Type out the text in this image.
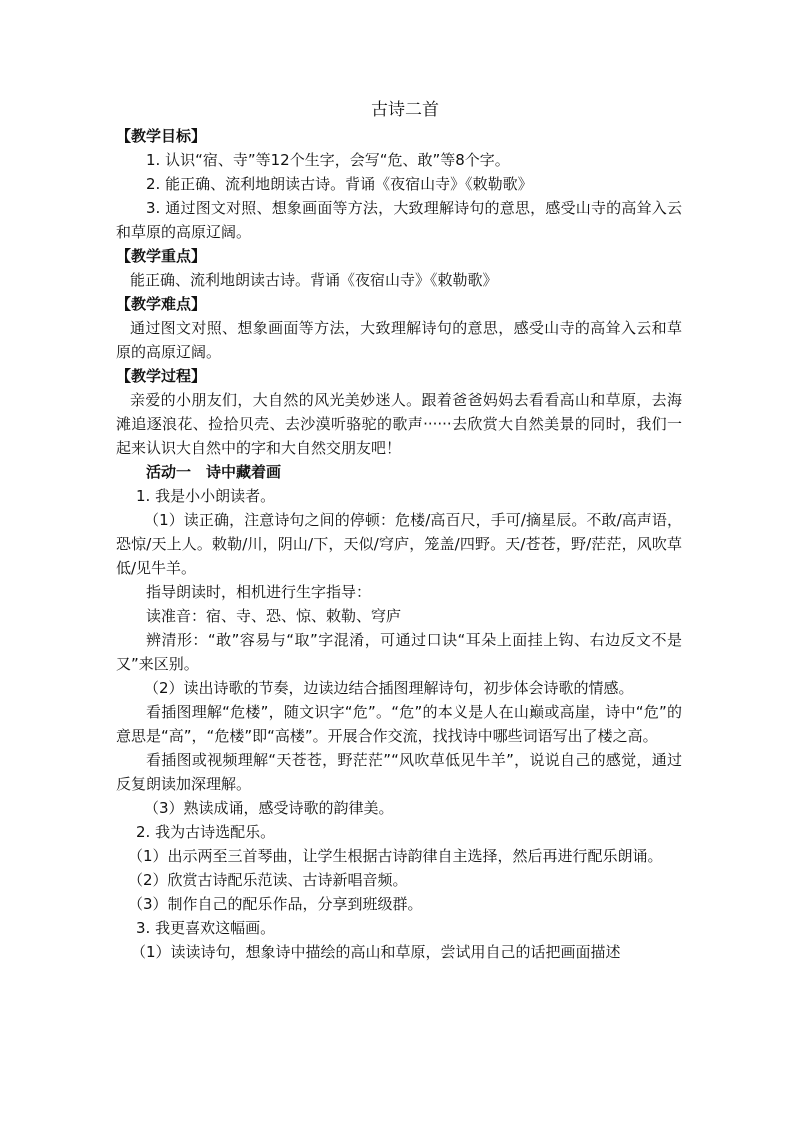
古诗二首

【教学目标】

1. 认识“宿、寺”等12个生字，会写“危、敢”等8个字。

2. 能正确、流利地朗读古诗。背诵《夜宿山寺》《敕勒歌》

3. 通过图文对照、想象画面等方法，大致理解诗句的意思，感受山寺的高耸入云和草原的高原辽阔。

【教学重点】

能正确、流利地朗读古诗。背诵《夜宿山寺》《敕勒歌》

【教学难点】

通过图文对照、想象画面等方法，大致理解诗句的意思，感受山寺的高耸入云和草原的高原辽阔。

【教学过程】

亲爱的小朋友们，大自然的风光美妙迷人。跟着爸爸妈妈去看看高山和草原，去海滩追逐浪花、捡拾贝壳、去沙漠听骆驼的歌声······去欣赏大自然美景的同时，我们一起来认识大自然中的字和大自然交朋友吧！

活动一　诗中藏着画

1. 我是小小朗读者。

（1）读正确，注意诗句之间的停顿：危楼/高百尺，手可/摘星辰。不敢/高声语，恐惊/天上人。敕勒/川，阴山/下，天似/穹庐，笼盖/四野。天/苍苍，野/茫茫，风吹草低/见牛羊。

指导朗读时，相机进行生字指导：

读准音：宿、寺、恐、惊、敕勒、穹庐

辨清形：“敢”容易与“取”字混淆，可通过口诀“耳朵上面挂上钩、右边反文不是又”来区别。

（2）读出诗歌的节奏，边读边结合插图理解诗句，初步体会诗歌的情感。

看插图理解“危楼”，随文识字“危”。“危”的本义是人在山巅或高崖，诗中“危”的意思是“高”，“危楼”即“高楼”。开展合作交流，找找诗中哪些词语写出了楼之高。

看插图或视频理解“天苍苍，野茫茫”“风吹草低见牛羊”，说说自己的感觉，通过反复朗读加深理解。

（3）熟读成诵，感受诗歌的韵律美。

2. 我为古诗选配乐。

（1）出示两至三首琴曲，让学生根据古诗韵律自主选择，然后再进行配乐朗诵。

（2）欣赏古诗配乐范读、古诗新唱音频。

（3）制作自己的配乐作品，分享到班级群。

3. 我更喜欢这幅画。

（1）读读诗句，想象诗中描绘的高山和草原，尝试用自己的话把画面描述
